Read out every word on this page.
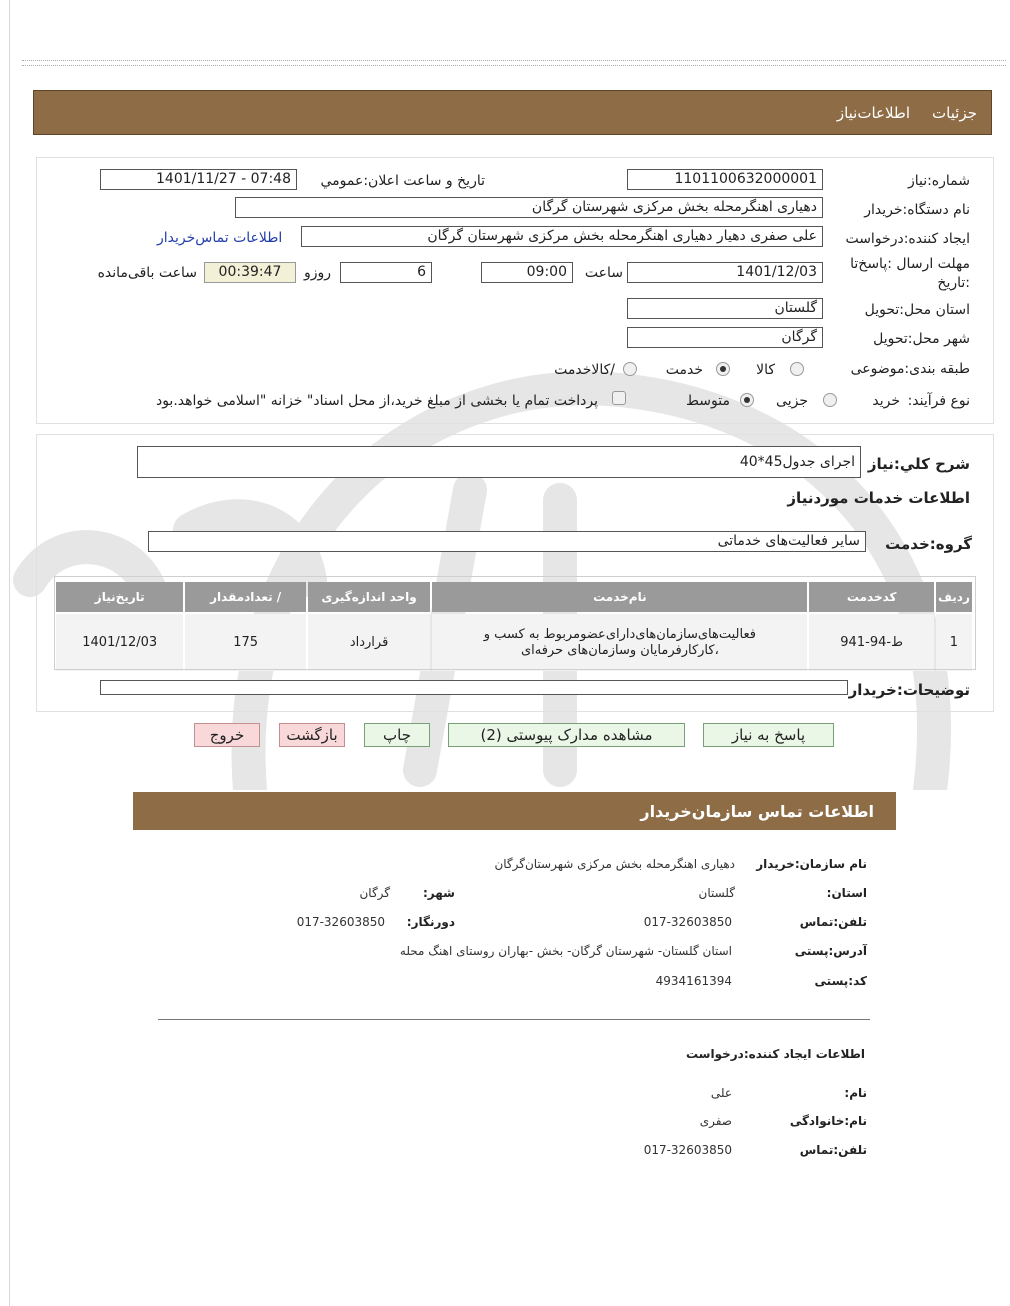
جزئیات
اطلاعات‌نیاز
شماره:نیاز
1101100632000001
تاریخ و ساعت اعلان:عمومي
1401/11/27 - 07:48
نام دستگاه:خریدار
دهیاری اهنگرمحله بخش مرکزی شهرستان گرگان
ایجاد کننده:درخواست
علی صفری دهیار دهیاری اهنگرمحله بخش مرکزی شهرستان گرگان
اطلاعات تماس‌خریدار
مهلت ارسال :پاسخ‌تا
:تاریخ
1401/12/03
ساعت
09:00
6
روزو
00:39:47
ساعت باقی‌مانده
استان محل:تحویل
گلستان
شهر محل:تحویل
گرگان
طبقه بندی:موضوعی
کالا
خدمت
/کالاخدمت
نوع فرآیند:
خرید
جزیی
متوسط
پرداخت تمام یا بخشی از مبلغ خرید،از محل اسناد" خزانه "اسلامی خواهد.بود
شرح کلي:نیاز
اجرای جدول45*40
اطلاعات خدمات موردنیاز
گروه:خدمت
سایر فعالیت‌های خدماتی
ردیف	کدخدمت	نام‌خدمت	واحد اندازه‌گیری	/ تعدادمقدار	تاریخ‌نیاز
1	ط-94-941	فعالیت‌های‌سازمان‌های‌دارای‌عضو‌مربوط به کسب و ،کار‌کارفرمایان وسازمان‌های حرفه‌ای	قرارداد	175	1401/12/03
توضیحات:خریدار
پاسخ به نیاز
مشاهده مدارک پیوستی (2)
چاپ
بازگشت
خروج
اطلاعات تماس سازمان‌خریدار
نام سازمان:خریدار
دهیاری اهنگرمحله بخش مرکزی شهرستان‌گرگان
استان:
گلستان
شهر:
گرگان
تلفن:تماس
017-32603850
دورنگار:
017-32603850
آدرس:پستی
استان گلستان- شهرستان گرگان- بخش -بهاران روستای اهنگ محله
کد:پستی
4934161394
اطلاعات ایجاد کننده:درخواست
نام:
علی
نام:خانوادگی
صفری
تلفن:تماس
017-32603850
